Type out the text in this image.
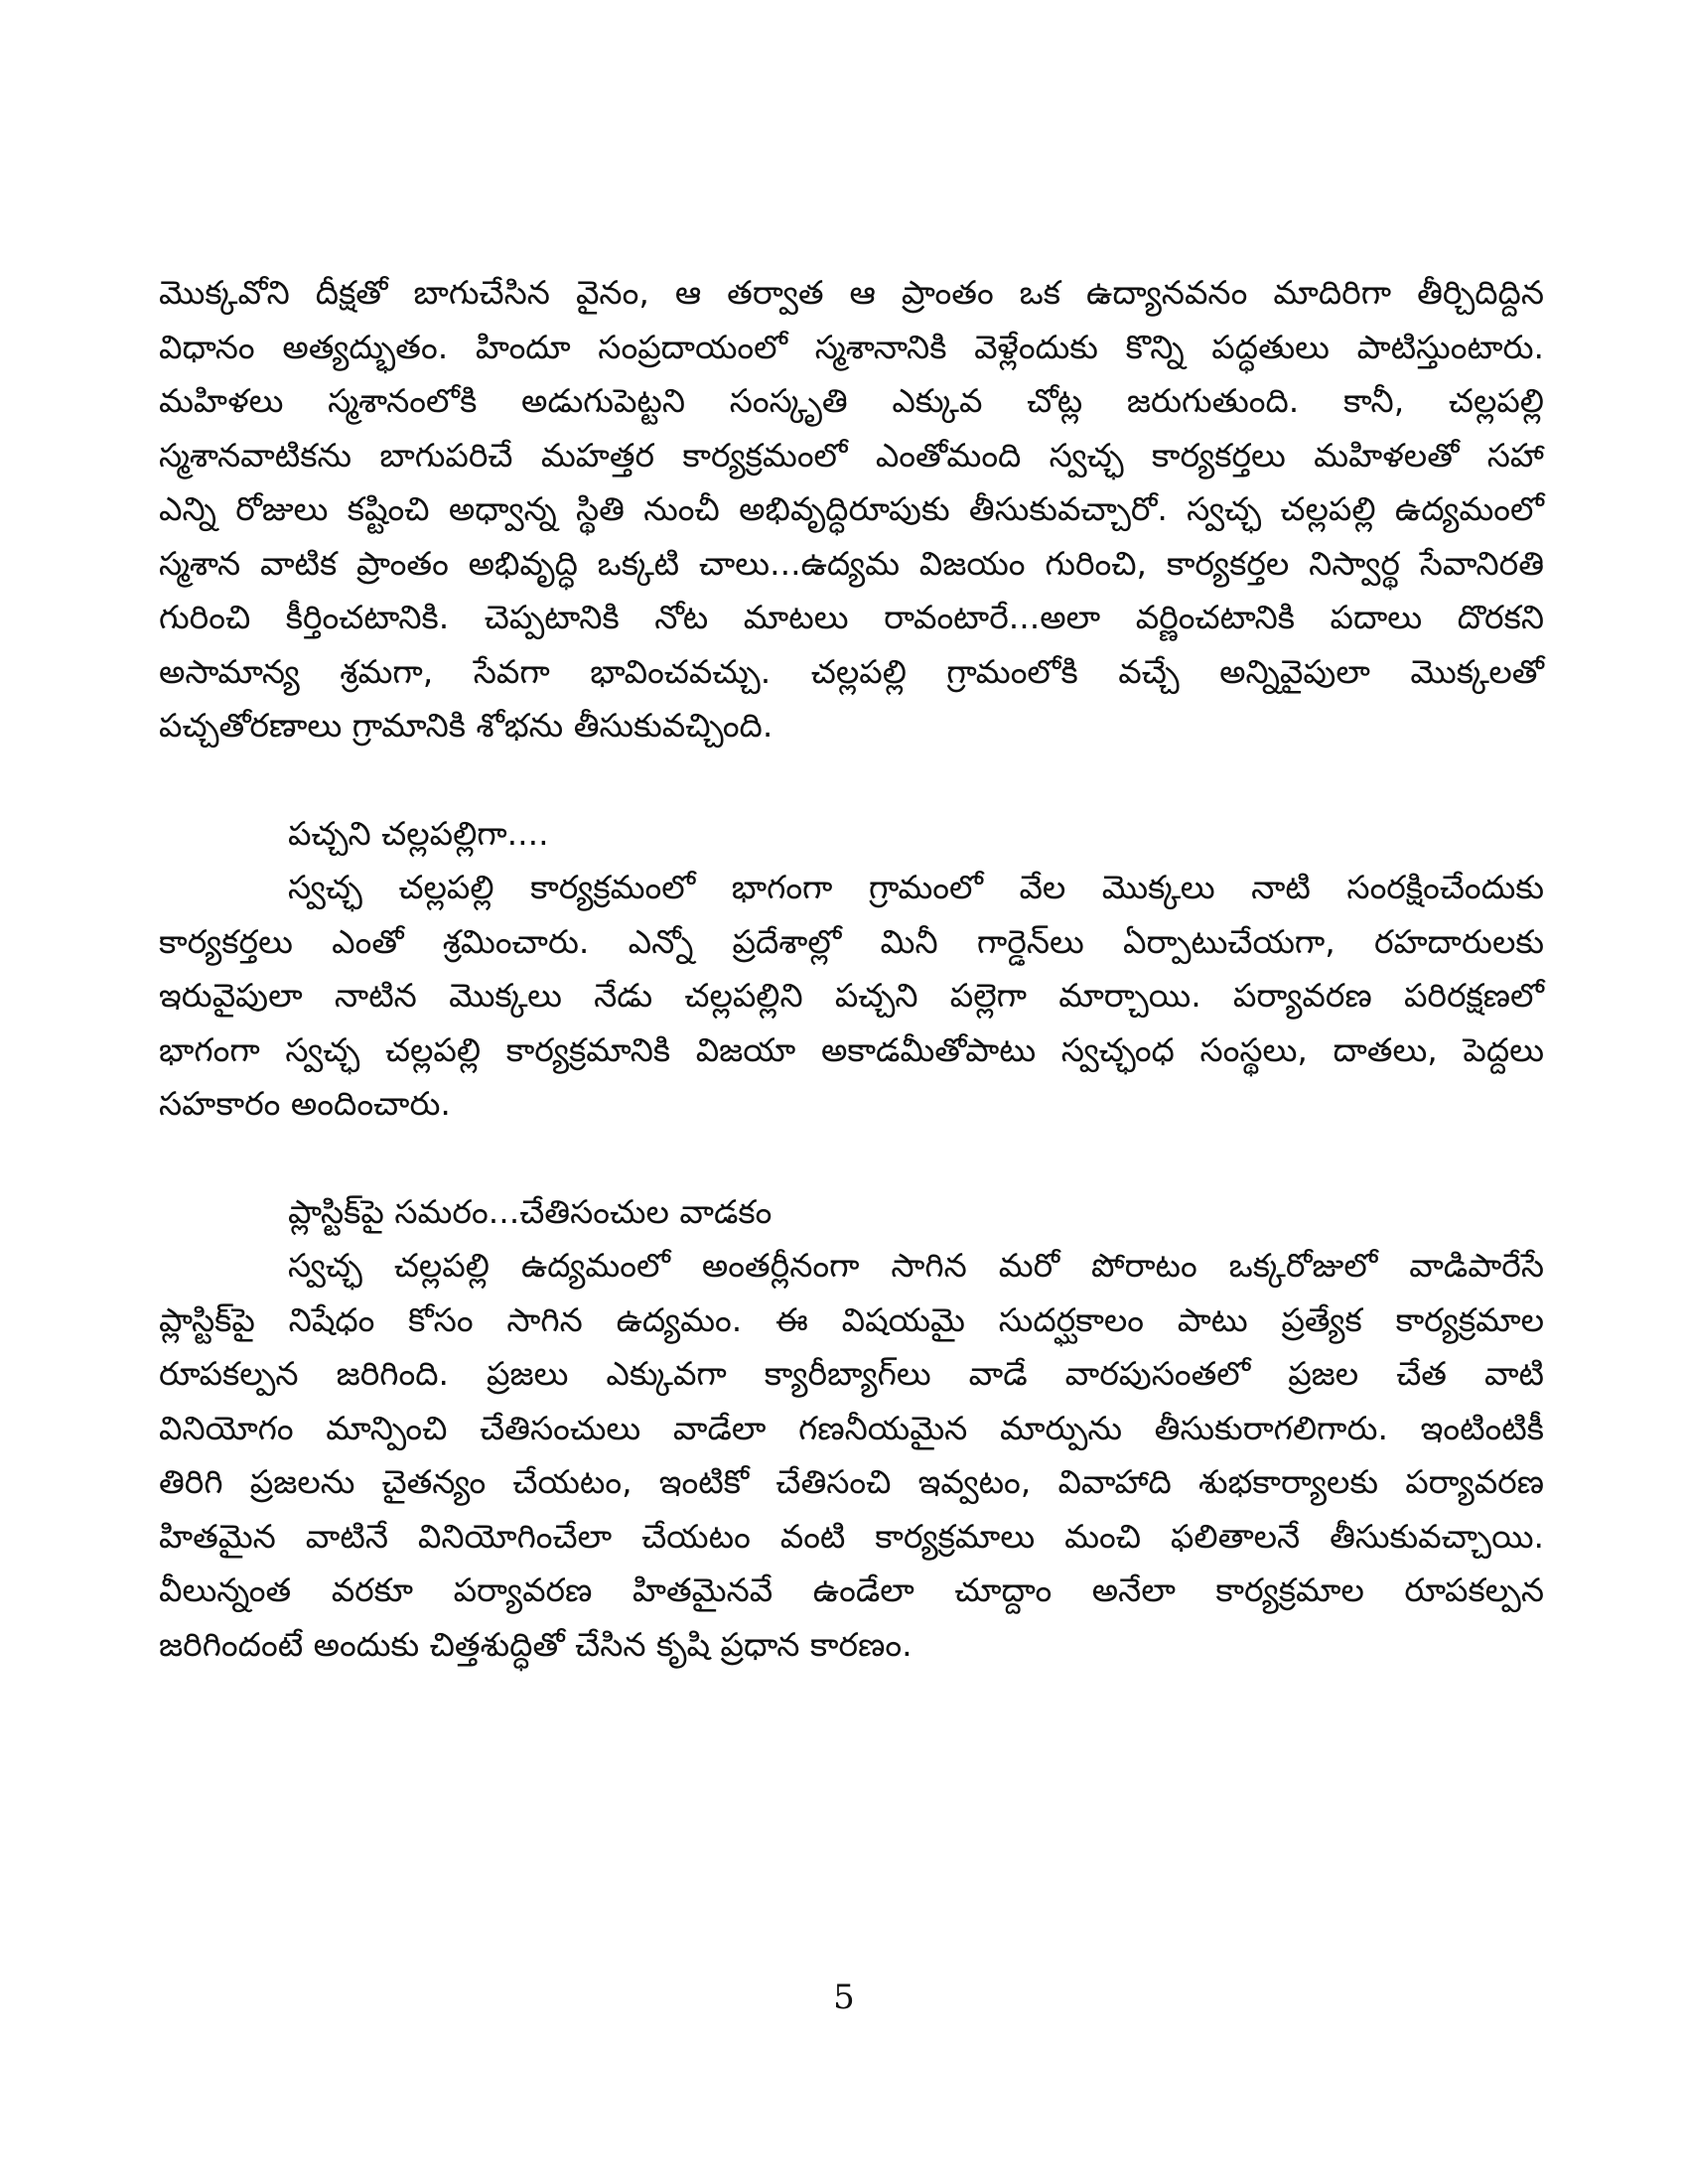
మొక్కవోని దీక్షతో బాగుచేసిన వైనం, ఆ తర్వాత ఆ ప్రాంతం ఒక ఉద్యానవనం మాదిరిగా తీర్చిదిద్దిన
విధానం అత్యద్భుతం. హిందూ సంప్రదాయంలో స్మశానానికి వెళ్లేందుకు కొన్ని పద్ధతులు పాటిస్తుంటారు.
మహిళలు స్మశానంలోకి అడుగుపెట్టని సంస్కృతి ఎక్కువ చోట్ల జరుగుతుంది. కానీ, చల్లపల్లి
స్మశానవాటికను బాగుపరిచే మహత్తర కార్యక్రమంలో ఎంతోమంది స్వచ్ఛ కార్యకర్తలు మహిళలతో సహా
ఎన్ని రోజులు కష్టించి అధ్వాన్న స్థితి నుంచీ అభివృద్ధిరూపుకు తీసుకువచ్చారో. స్వచ్ఛ చల్లపల్లి ఉద్యమంలో
స్మశాన వాటిక ప్రాంతం అభివృద్ధి ఒక్కటి చాలు...ఉద్యమ విజయం గురించి, కార్యకర్తల నిస్వార్థ సేవానిరతి
గురించి కీర్తించటానికి. చెప్పటానికి నోట మాటలు రావంటారే...అలా వర్ణించటానికి పదాలు దొరకని
అసామాన్య శ్రమగా, సేవగా భావించవచ్చు. చల్లపల్లి గ్రామంలోకి వచ్చే అన్నివైపులా మొక్కలతో
పచ్చతోరణాలు గ్రామానికి శోభను తీసుకువచ్చింది.
పచ్చని చల్లపల్లిగా....
స్వచ్ఛ చల్లపల్లి కార్యక్రమంలో భాగంగా గ్రామంలో వేల మొక్కలు నాటి సంరక్షించేందుకు
కార్యకర్తలు ఎంతో శ్రమించారు. ఎన్నో ప్రదేశాల్లో మినీ గార్డెన్‌లు ఏర్పాటుచేయగా, రహదారులకు
ఇరువైపులా నాటిన మొక్కలు నేడు చల్లపల్లిని పచ్చని పల్లెగా మార్చాయి. పర్యావరణ పరిరక్షణలో
భాగంగా స్వచ్ఛ చల్లపల్లి కార్యక్రమానికి విజయా అకాడమీతోపాటు స్వచ్ఛంధ సంస్థలు, దాతలు, పెద్దలు
సహకారం అందించారు.
ప్లాస్టిక్‌పై సమరం...చేతిసంచుల వాడకం
స్వచ్ఛ చల్లపల్లి ఉద్యమంలో అంతర్లీనంగా సాగిన మరో పోరాటం ఒక్కరోజులో వాడిపారేసే
ప్లాస్టిక్‌పై నిషేధం కోసం సాగిన ఉద్యమం. ఈ విషయమై సుదర్ఘకాలం పాటు ప్రత్యేక కార్యక్రమాల
రూపకల్పన జరిగింది. ప్రజలు ఎక్కువగా క్యారీబ్యాగ్‌లు వాడే వారపుసంతలో ప్రజల చేత వాటి
వినియోగం మాన్పించి చేతిసంచులు వాడేలా గణనీయమైన మార్పును తీసుకురాగలిగారు. ఇంటింటికీ
తిరిగి ప్రజలను చైతన్యం చేయటం, ఇంటికో చేతిసంచి ఇవ్వటం, వివాహాది శుభకార్యాలకు పర్యావరణ
హితమైన వాటినే వినియోగించేలా చేయటం వంటి కార్యక్రమాలు మంచి ఫలితాలనే తీసుకువచ్చాయి.
వీలున్నంత వరకూ పర్యావరణ హితమైనవే ఉండేలా చూద్దాం అనేలా కార్యక్రమాల రూపకల్పన
జరిగిందంటే అందుకు చిత్తశుద్ధితో చేసిన కృషి ప్రధాన కారణం.
5
